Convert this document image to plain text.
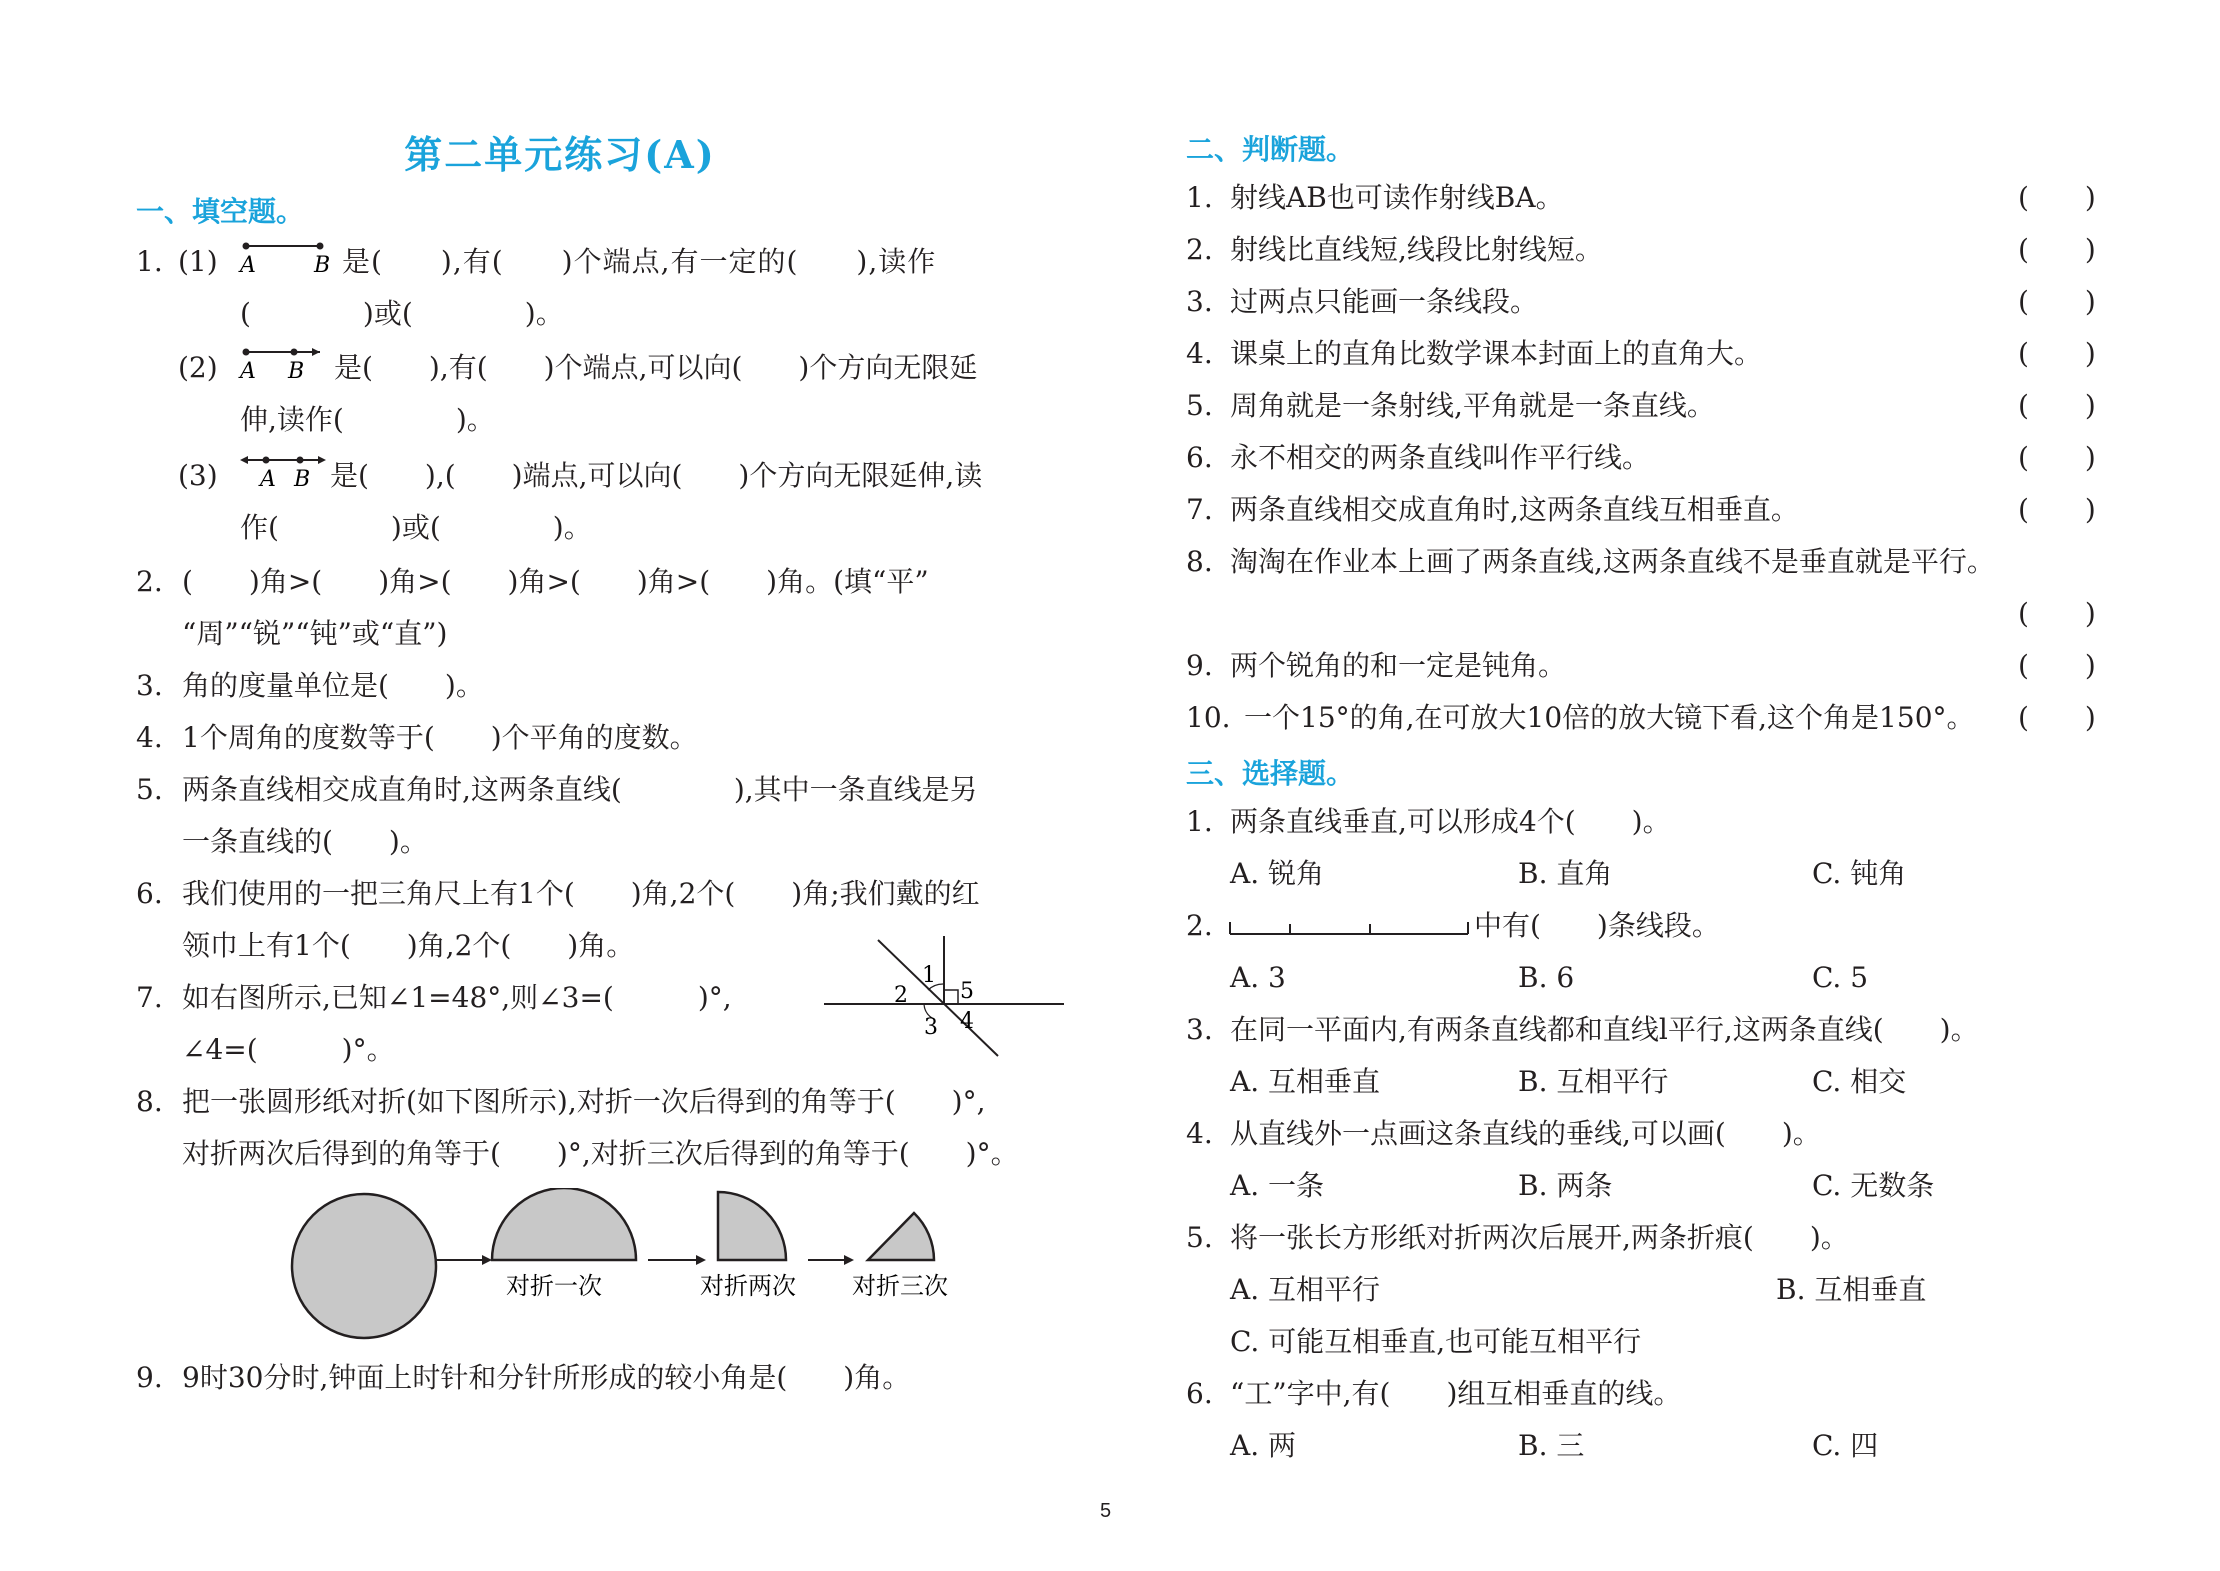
第二单元练习(A)
一、填空题。
1. (1) A	B 是(　　),有(　　)个端点,有一定的(　　),读作
(　　　　)或(　　　　)。
(2) A B 是(　　),有(　　)个端点,可以向(　　)个方向无限延
伸,读作(　　　　)。
(3) A B 是(　　),(　　)端点,可以向(　　)个方向无限延伸,读
作(　　　　)或(　　　　)。
2. (　　)角>(　　)角>(　　)角>(　　)角>(　　)角。(填“平”
“周”“锐”“钝”或“直”)
3. 角的度量单位是(　　)。
4. 1个周角的度数等于(　　)个平角的度数。
5. 两条直线相交成直角时,这两条直线(　　　　),其中一条直线是另
一条直线的(　　)。
6. 我们使用的一把三角尺上有1个(　　)角,2个(　　)角;我们戴的红
领巾上有1个(　　)角,2个(　　)角。
7. 如右图所示,已知∠1=48°,则∠3=(　　　)°,
∠4=(　　　)°。
1
2
3 4
5
8. 把一张圆形纸对折(如下图所示),对折一次后得到的角等于(　　)°,
对折两次后得到的角等于(　　)°,对折三次后得到的角等于(　　)°。
对折一次	对折两次 对折三次
9. 9时30分时,钟面上时针和分针所形成的较小角是(　　)角。
二、判断题。
1. 射线AB也可读作射线BA。	(　　)
2. 射线比直线短,线段比射线短。	(　　)
3. 过两点只能画一条线段。	(　　)
4. 课桌上的直角比数学课本封面上的直角大。	(　　)
5. 周角就是一条射线,平角就是一条直线。	(　　)
6. 永不相交的两条直线叫作平行线。	(　　)
7. 两条直线相交成直角时,这两条直线互相垂直。	(　　)
8. 淘淘在作业本上画了两条直线,这两条直线不是垂直就是平行。
(　　)
9. 两个锐角的和一定是钝角。	(　　)
10. 一个15°的角,在可放大10倍的放大镜下看,这个角是150°。 (　　)
三、选择题。
1. 两条直线垂直,可以形成4个(　　)。
A. 锐角	B. 直角	C. 钝角
2.	中有(　　)条线段。
A. 3	B. 6	C. 5
3. 在同一平面内,有两条直线都和直线l平行,这两条直线(　　)。
A. 互相垂直	B. 互相平行	C. 相交
4. 从直线外一点画这条直线的垂线,可以画(　　)。
A. 一条	B. 两条	C. 无数条
5. 将一张长方形纸对折两次后展开,两条折痕(　　)。
A. 互相平行	B. 互相垂直
C. 可能互相垂直,也可能互相平行
6. “工”字中,有(　　)组互相垂直的线。
A. 两	B. 三	C. 四
5
